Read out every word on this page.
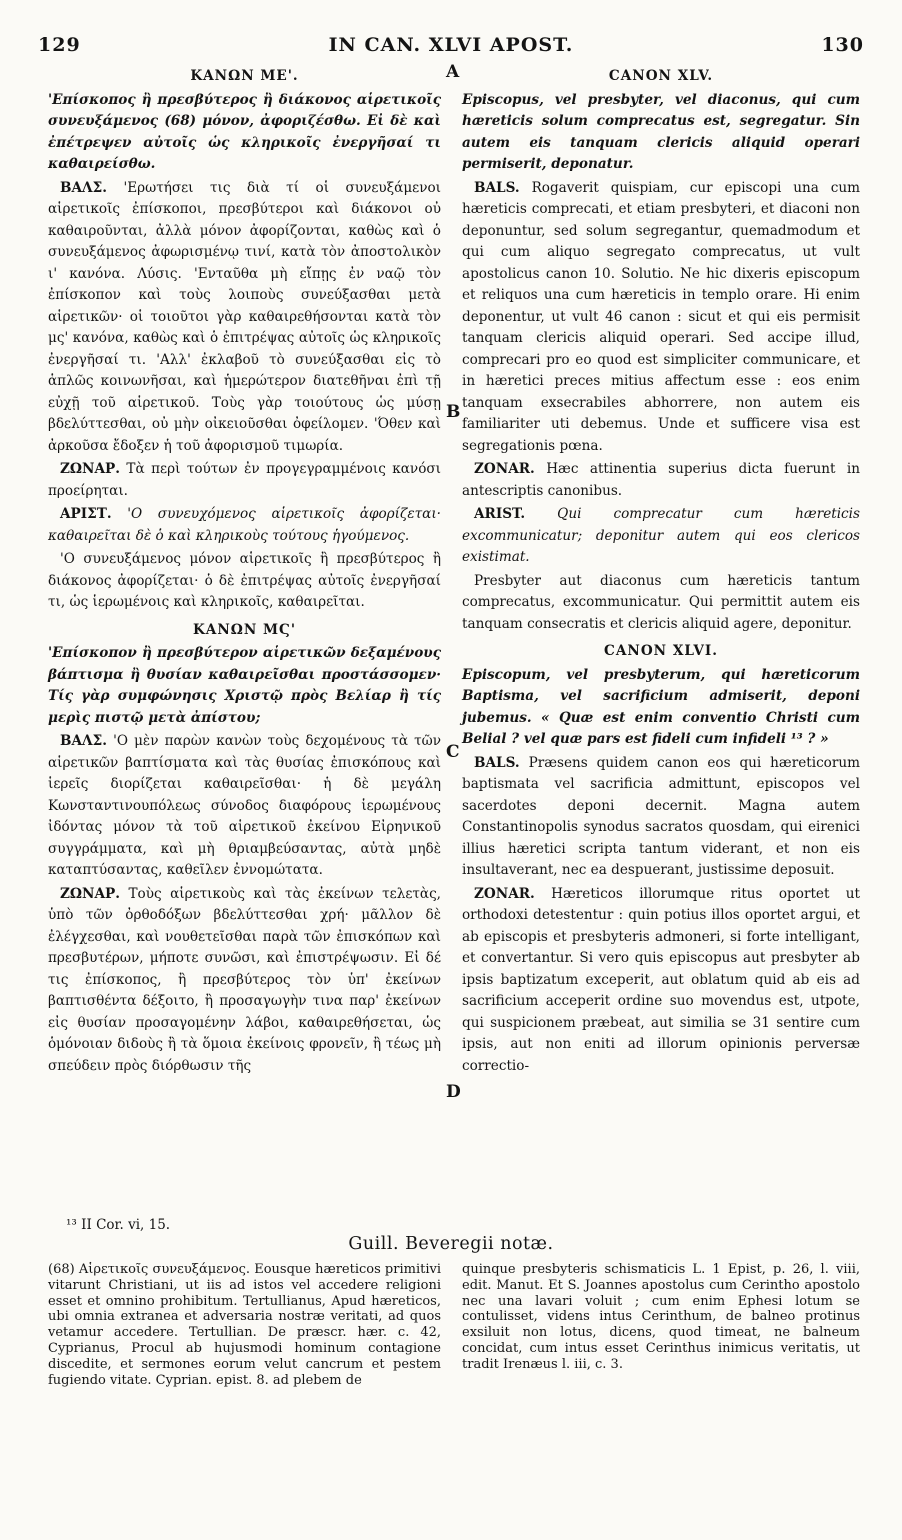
129	IN CAN. XLVI APOST.	130
A
B
C
D

ΚΑΝΩΝ ΜΕ'.

'Επίσκοπος ἢ πρεσβύτερος ἢ διάκονος αἱρετικοῖς συνευξάμενος (68) μόνον, ἀφοριζέσθω. Εἰ δὲ καὶ ἐπέτρεψεν αὐτοῖς ὡς κληρικοῖς ἐνεργῆσαί τι καθαιρείσθω.

ΒΑΛΣ. 'Ερωτήσει τις διὰ τί οἱ συνευξάμενοι αἱρετικοῖς ἐπίσκοποι, πρεσβύτεροι καὶ διάκονοι οὐ καθαιροῦνται, ἀλλὰ μόνον ἀφορίζονται, καθὼς καὶ ὁ συνευξάμενος ἀφωρισμένῳ τινί, κατὰ τὸν ἀποστολικὸν ι' κανόνα. Λύσις. 'Ενταῦθα μὴ εἴπῃς ἐν ναῷ τὸν ἐπίσκοπον καὶ τοὺς λοιποὺς συνεύξασθαι μετὰ αἱρετικῶν· οἱ τοιοῦτοι γὰρ καθαιρεθήσονται κατὰ τὸν μς' κανόνα, καθὼς καὶ ὁ ἐπιτρέψας αὐτοῖς ὡς κληρικοῖς ἐνεργῆσαί τι. 'Αλλ' ἐκλαβοῦ τὸ συνεύξασθαι εἰς τὸ ἁπλῶς κοινωνῆσαι, καὶ ἡμερώτερον διατεθῆναι ἐπὶ τῇ εὐχῇ τοῦ αἱρετικοῦ. Τοὺς γὰρ τοιούτους ὡς μύσῃ βδελύττεσθαι, οὐ μὴν οἰκειοῦσθαι ὀφείλομεν. 'Όθεν καὶ ἀρκοῦσα ἔδοξεν ἡ τοῦ ἀφορισμοῦ τιμωρία.

ΖΩΝΑΡ. Τὰ περὶ τούτων ἐν προγεγραμμένοις κανόσι προείρηται.

ΑΡΙΣΤ. 'Ο συνευχόμενος αἱρετικοῖς ἀφορίζεται· καθαιρεῖται δὲ ὁ καὶ κληρικοὺς τούτους ἡγούμενος.

'Ο συνευξάμενος μόνον αἱρετικοῖς ἢ πρεσβύτερος ἢ διάκονος ἀφορίζεται· ὁ δὲ ἐπιτρέψας αὐτοῖς ἐνεργῆσαί τι, ὡς ἱερωμένοις καὶ κληρικοῖς, καθαιρεῖται.

ΚΑΝΩΝ ΜϚ'

'Επίσκοπον ἢ πρεσβύτερον αἱρετικῶν δεξαμένους βάπτισμα ἢ θυσίαν καθαιρεῖσθαι προστάσσομεν· Τίς γὰρ συμφώνησις Χριστῷ πρὸς Βελίαρ ἢ τίς μερὶς πιστῷ μετὰ ἀπίστου;

ΒΑΛΣ. 'Ο μὲν παρὼν κανὼν τοὺς δεχομένους τὰ τῶν αἱρετικῶν βαπτίσματα καὶ τὰς θυσίας ἐπισκόπους καὶ ἱερεῖς διορίζεται καθαιρεῖσθαι· ἡ δὲ μεγάλη Κωνσταντινουπόλεως σύνοδος διαφόρους ἱερωμένους ἰδόντας μόνον τὰ τοῦ αἱρετικοῦ ἐκείνου Εἰρηνικοῦ συγγράμματα, καὶ μὴ θριαμβεύσαντας, αὐτὰ μηδὲ καταπτύσαντας, καθεῖλεν ἐννομώτατα.

ΖΩΝΑΡ. Τοὺς αἱρετικοὺς καὶ τὰς ἐκείνων τελετὰς, ὑπὸ τῶν ὀρθοδόξων βδελύττεσθαι χρή· μᾶλλον δὲ ἐλέγχεσθαι, καὶ νουθετεῖσθαι παρὰ τῶν ἐπισκόπων καὶ πρεσβυτέρων, μήποτε συνῶσι, καὶ ἐπιστρέψωσιν. Εἰ δέ τις ἐπίσκοπος, ἢ πρεσβύτερος τὸν ὑπ' ἐκείνων βαπτισθέντα δέξοιτο, ἢ προσαγωγὴν τινα παρ' ἐκείνων εἰς θυσίαν προσαγομένην λάβοι, καθαιρεθήσεται, ὡς ὁμόνοιαν διδοὺς ἢ τὰ ὅμοια ἐκείνοις φρονεῖν, ἢ τέως μὴ σπεύδειν πρὸς διόρθωσιν τῆς

CANON XLV.

Episcopus, vel presbyter, vel diaconus, qui cum hæreticis solum comprecatus est, segregatur. Sin autem eis tanquam clericis aliquid operari permiserit, deponatur.

BALS. Rogaverit quispiam, cur episcopi una cum hæreticis comprecati, et etiam presbyteri, et diaconi non deponuntur, sed solum segregantur, quemadmodum et qui cum aliquo segregato comprecatus, ut vult apostolicus canon 10. Solutio. Ne hic dixeris episcopum et reliquos una cum hæreticis in templo orare. Hi enim deponentur, ut vult 46 canon : sicut et qui eis permisit tanquam clericis aliquid operari. Sed accipe illud, comprecari pro eo quod est simpliciter communicare, et in hæretici preces mitius affectum esse : eos enim tanquam exsecrabiles abhorrere, non autem eis familiariter uti debemus. Unde et sufficere visa est segregationis pœna.

ZONAR. Hæc attinentia superius dicta fuerunt in antescriptis canonibus.

ARIST. Qui comprecatur cum hæreticis excommunicatur; deponitur autem qui eos clericos existimat.

Presbyter aut diaconus cum hæreticis tantum comprecatus, excommunicatur. Qui permittit autem eis tanquam consecratis et clericis aliquid agere, deponitur.

CANON XLVI.

Episcopum, vel presbyterum, qui hæreticorum Baptisma, vel sacrificium admiserit, deponi jubemus. « Quæ est enim conventio Christi cum Belial ? vel quæ pars est fideli cum infideli ¹³ ? »

BALS. Præsens quidem canon eos qui hæreticorum baptismata vel sacrificia admittunt, episcopos vel sacerdotes deponi decernit. Magna autem Constantinopolis synodus sacratos quosdam, qui eirenici illius hæretici scripta tantum viderant, et non eis insultaverant, nec ea despuerant, justissime deposuit.

ZONAR. Hæreticos illorumque ritus oportet ut orthodoxi detestentur : quin potius illos oportet argui, et ab episcopis et presbyteris admoneri, si forte intelligant, et convertantur. Si vero quis episcopus aut presbyter ab ipsis baptizatum exceperit, aut oblatum quid ab eis ad sacrificium acceperit ordine suo movendus est, utpote, qui suspicionem præbeat, aut similia se 31 sentire cum ipsis, aut non eniti ad illorum opinionis perversæ correctio-

¹³ II Cor. vi, 15.
Guill. Beveregii notæ.

(68) Αἱρετικοῖς συνευξάμενος. Eousque hæreticos primitivi vitarunt Christiani, ut iis ad istos vel accedere religioni esset et omnino prohibitum. Tertullianus, Apud hæreticos, ubi omnia extranea et adversaria nostræ veritati, ad quos vetamur accedere. Tertullian. De præscr. hær. c. 42, Cyprianus, Procul ab hujusmodi hominum contagione discedite, et sermones eorum velut cancrum et pestem fugiendo vitate. Cyprian. epist. 8. ad plebem de

quinque presbyteris schismaticis L. 1 Epist, p. 26, l. viii, edit. Manut. Et S. Joannes apostolus cum Cerintho apostolo nec una lavari voluit ; cum enim Ephesi lotum se contulisset, videns intus Cerinthum, de balneo protinus exsiluit non lotus, dicens, quod timeat, ne balneum concidat, cum intus esset Cerinthus inimicus veritatis, ut tradit Irenæus l. iii, c. 3.
